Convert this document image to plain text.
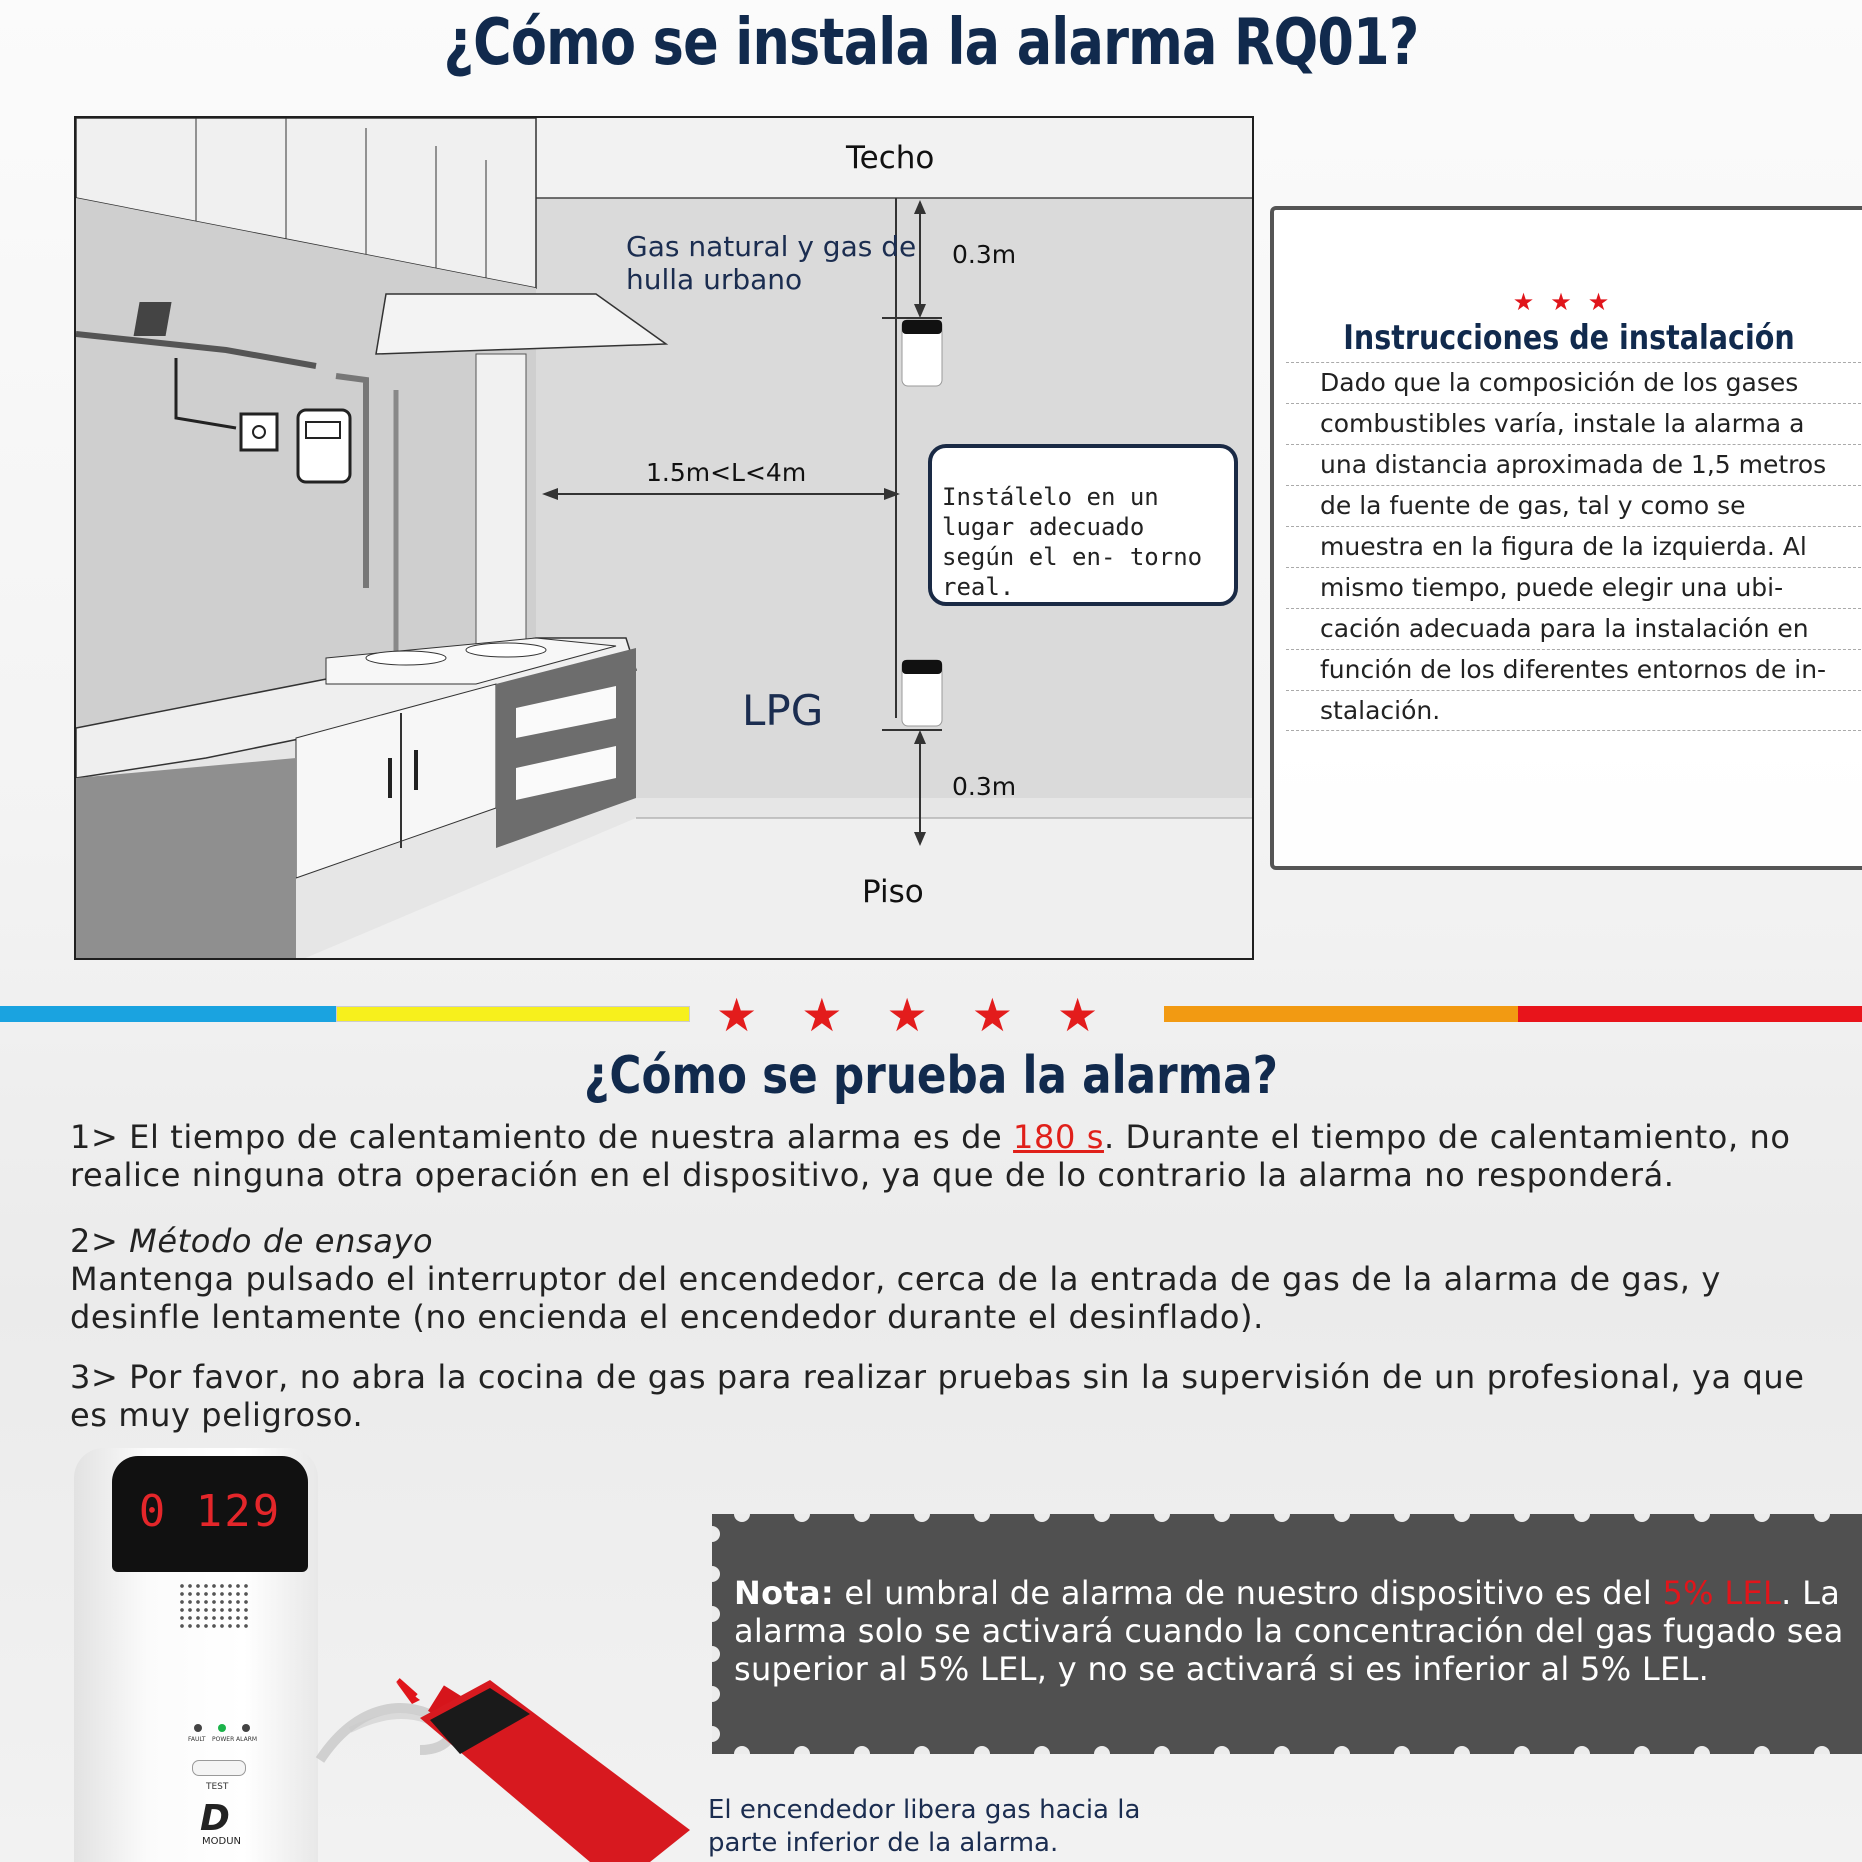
¿Cómo se instala la alarma RQ01?
Techo
Piso
Gas natural y gas de hulla urbano
LPG
0.3m
0.3m
1.5m<L<4m
Instálelo en un lugar adecuado según el en- torno real.
★★★
Instrucciones de instalación
Dado que la composición de los gases
combustibles varía, instale la alarma a
una distancia aproximada de 1,5 metros
de la fuente de gas, tal y como se
muestra en la figura de la izquierda. Al
mismo tiempo, puede elegir una ubi-
cación adecuada para la instalación en
función de los diferentes entornos de in-
stalación.
★★★★★
¿Cómo se prueba la alarma?
1> El tiempo de calentamiento de nuestra alarma es de 180 s. Durante el tiempo de calentamiento, no realice ninguna otra operación en el dispositivo, ya que de lo contrario la alarma no responderá.
2> Método de ensayo
Mantenga pulsado el interruptor del encendedor, cerca de la entrada de gas de la alarma de gas, y desinfle lentamente (no encienda el encendedor durante el desinflado).
3> Por favor, no abra la cocina de gas para realizar pruebas sin la supervisión de un profesional, ya que es muy peligroso.
0 129
FAULT POWER ALARM
TEST
D
MODUN
Nota: el umbral de alarma de nuestro dispositivo es del 5% LEL. La alarma solo se activará cuando la concentración del gas fugado sea superior al 5% LEL, y no se activará si es inferior al 5% LEL.
El encendedor libera gas hacia la parte inferior de la alarma.
